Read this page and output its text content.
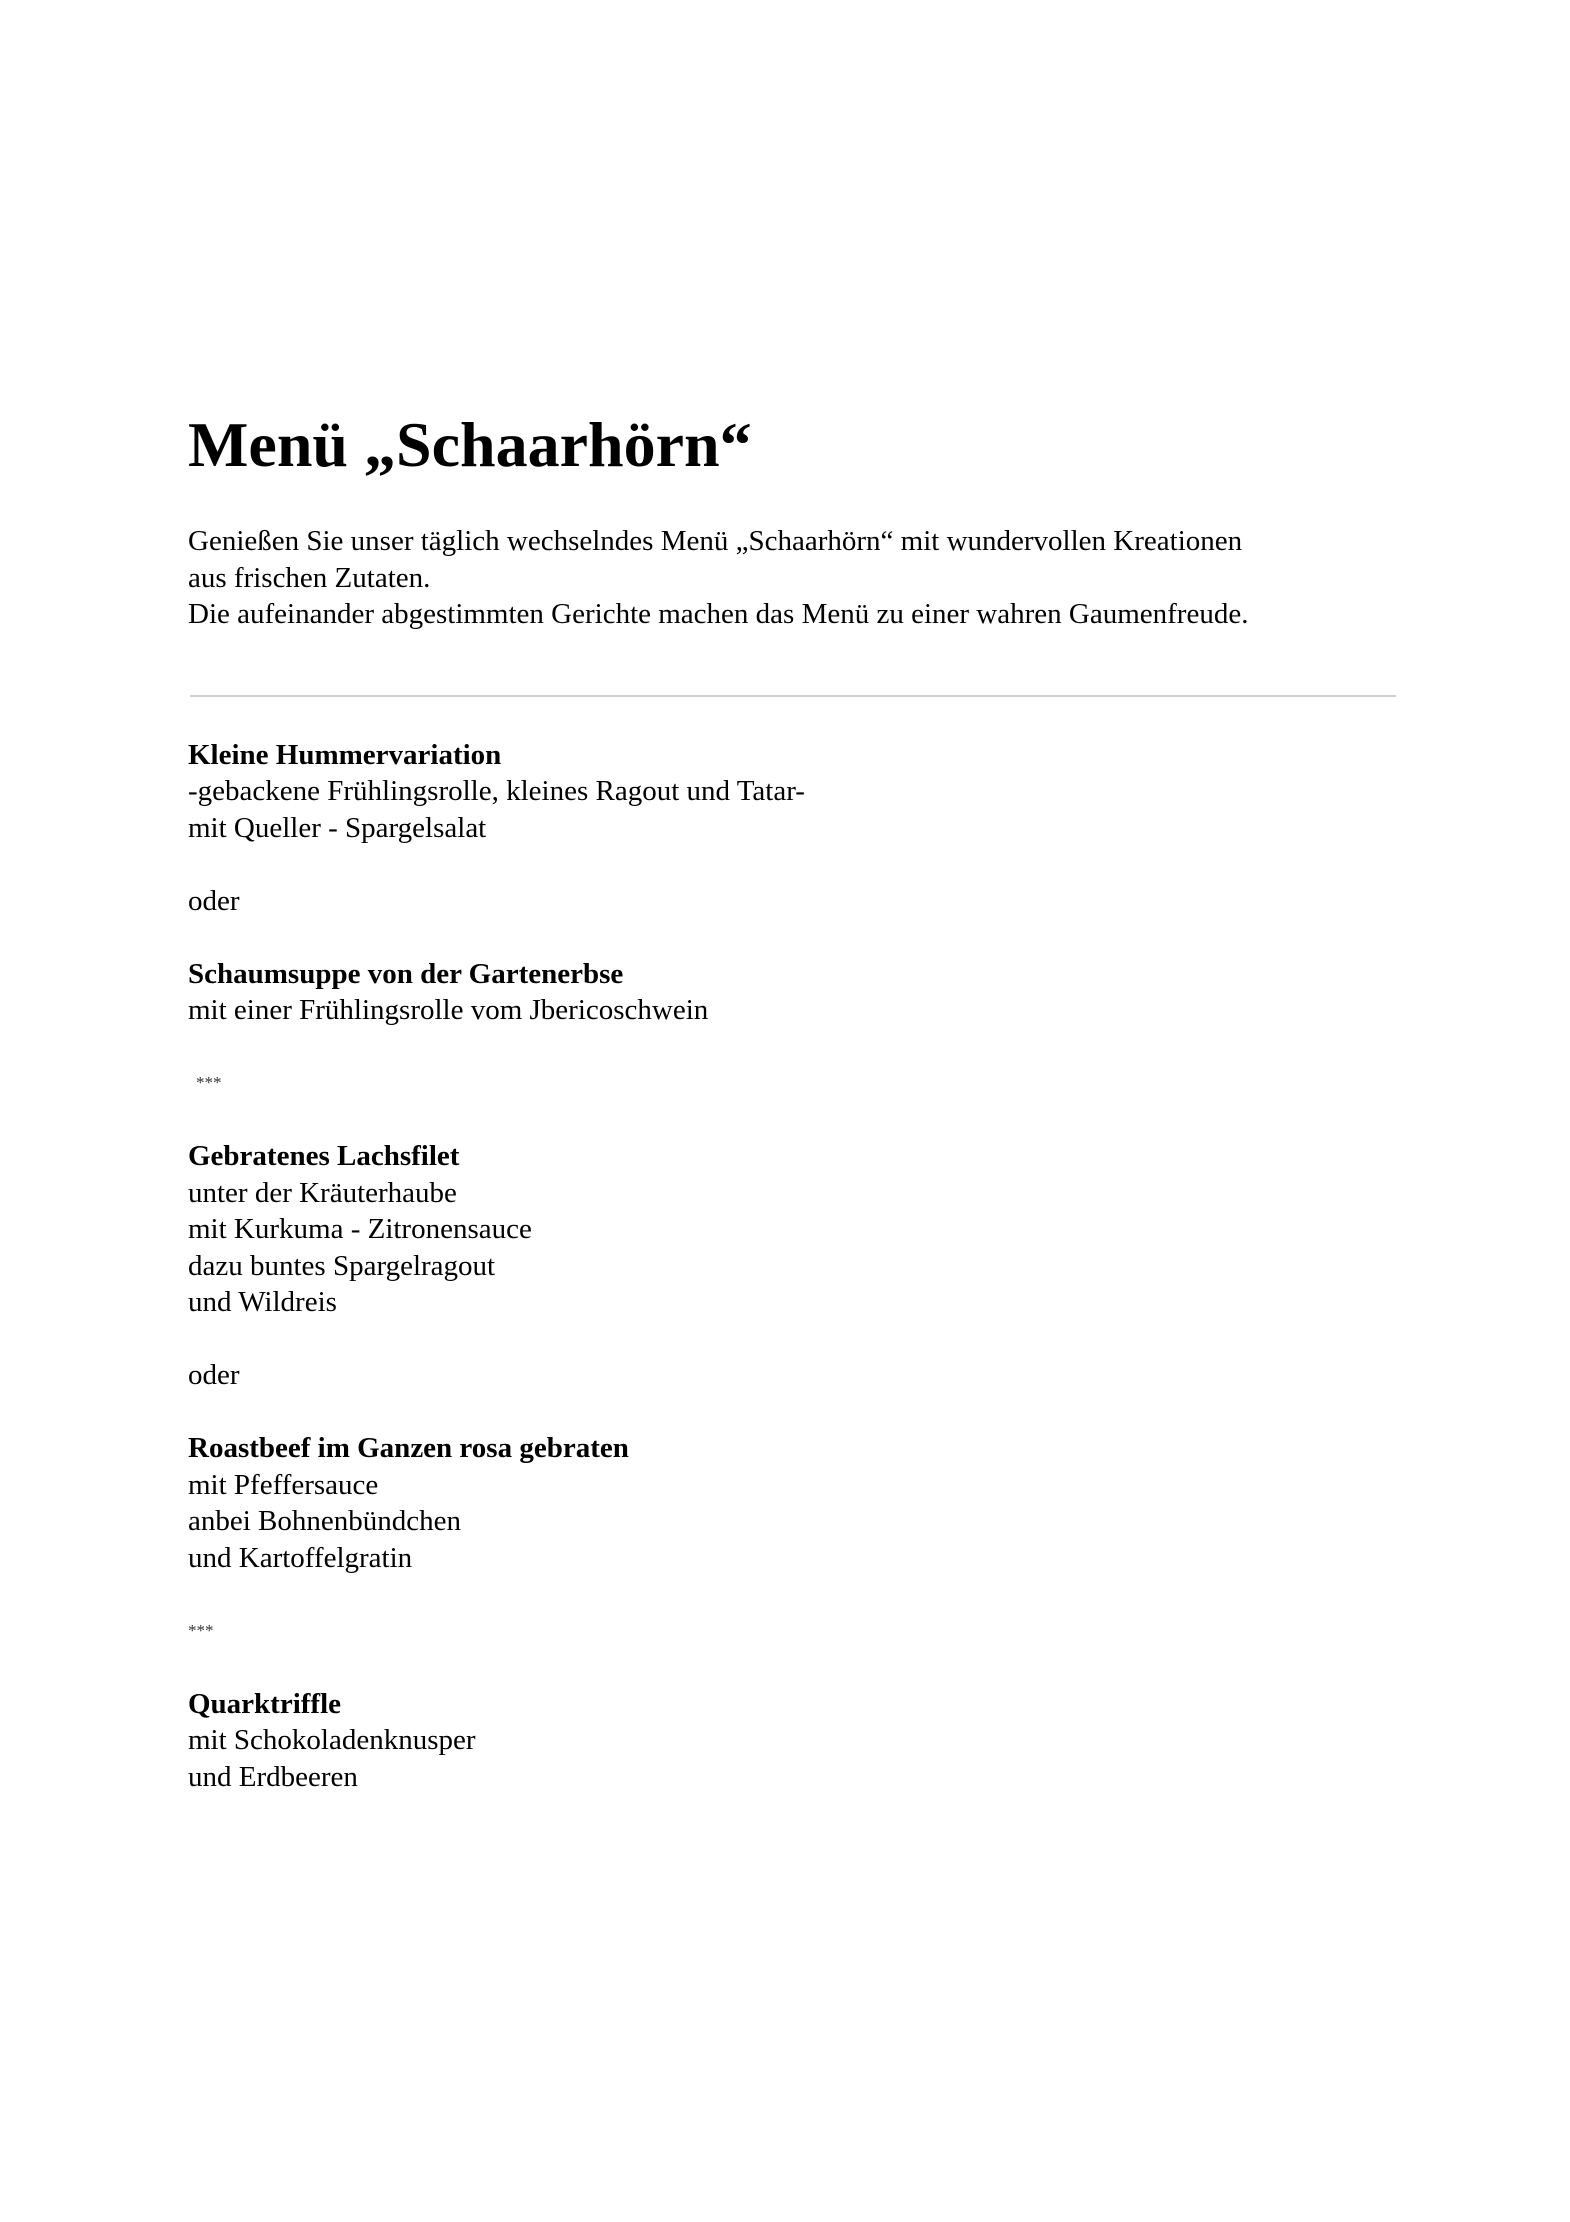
Menü „Schaarhörn“
Genießen Sie unser täglich wechselndes Menü „Schaarhörn“ mit wundervollen Kreationen
aus frischen Zutaten.
Die aufeinander abgestimmten Gerichte machen das Menü zu einer wahren Gaumenfreude.
Kleine Hummervariation
-gebackene Frühlingsrolle, kleines Ragout und Tatar-
mit Queller - Spargelsalat
oder
Schaumsuppe von der Gartenerbse
mit einer Frühlingsrolle vom Jbericoschwein
***
Gebratenes Lachsfilet
unter der Kräuterhaube
mit Kurkuma - Zitronensauce
dazu buntes Spargelragout
und Wildreis
oder
Roastbeef im Ganzen rosa gebraten
mit Pfeffersauce
anbei Bohnenbündchen
und Kartoffelgratin
***
Quarktriffle
mit Schokoladenknusper
und Erdbeeren
